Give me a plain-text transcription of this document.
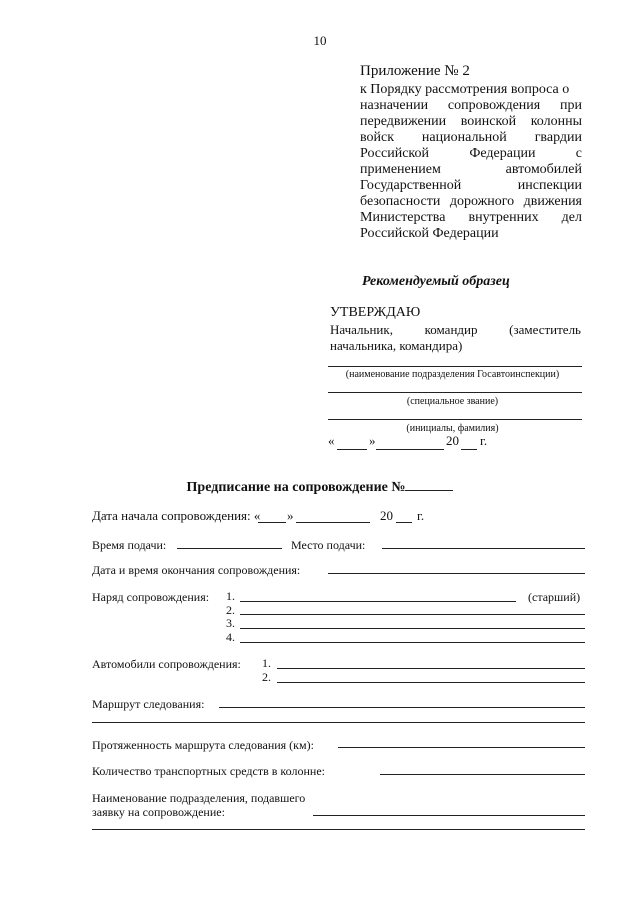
10
Приложение № 2
к Порядку рассмотрения вопроса о
назначении сопровождения при
передвижении воинской колонны
войск национальной гвардии
Российской Федерации с
применением автомобилей
Государственной инспекции
безопасности дорожного движения
Министерства внутренних дел
Российской Федерации
Рекомендуемый образец
УТВЕРЖДАЮ
Начальник, командир (заместитель
начальника, командира)
(наименование подразделения Госавтоинспекции)
(специальное звание)
(инициалы, фамилия)
«	»	20 г.
Предписание на сопровождение №
Дата начала сопровождения: « »	20 г.
Время подачи:	Место подачи:
Дата и время окончания сопровождения:
Наряд сопровождения: 1.	(старший)
2.
3.
4.
Автомобили сопровождения: 1.
2.
Маршрут следования:
Протяженность маршрута следования (км):
Количество транспортных средств в колонне:
Наименование подразделения, подавшего
заявку на сопровождение:
